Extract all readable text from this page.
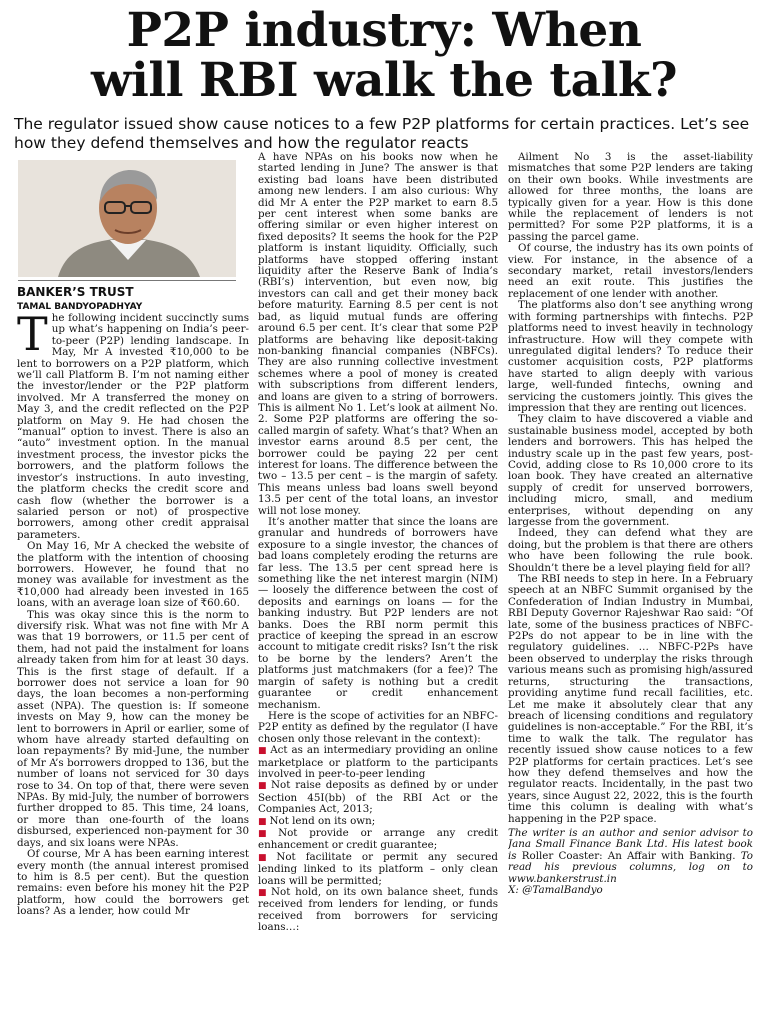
P2P industry: When
will RBI walk the talk?
The regulator issued show cause notices to a few P2P platforms for certain practices. Let’s see how they defend themselves and how the regulator reacts
BANKER’S TRUST
TAMAL BANDYOPADHYAY
T he following incident succinctly sums up what’s happening on India’s peer-to-peer (P2P) lending landscape. In May, Mr A invested ₹10,000 to be lent to borrowers on a P2P platform, which we’ll call Platform B. I’m not naming either the investor/lender or the P2P platform involved. Mr A transferred the money on May 3, and the credit reflected on the P2P platform on May 9. He had chosen the “manual” option to invest. There is also an “auto” investment option. In the manual investment process, the investor picks the borrowers, and the platform follows the investor’s instructions. In auto investing, the platform checks the credit score and cash flow (whether the borrower is a salaried person or not) of prospective borrowers, among other credit appraisal parameters.

On May 16, Mr A checked the website of the platform with the intention of choosing borrowers. However, he found that no money was available for investment as the ₹10,000 had already been invested in 165 loans, with an average loan size of ₹60.60.

This was okay since this is the norm to diversify risk. What was not fine with Mr A was that 19 borrowers, or 11.5 per cent of them, had not paid the instalment for loans already taken from him for at least 30 days. This is the first stage of default. If a borrower does not service a loan for 90 days, the loan becomes a non-performing asset (NPA). The question is: If someone invests on May 9, how can the money be lent to borrowers in April or earlier, some of whom have already started defaulting on loan repayments? By mid-June, the number of Mr A’s borrowers dropped to 136, but the number of loans not serviced for 30 days rose to 34. On top of that, there were seven NPAs. By mid-July, the number of borrowers further dropped to 85. This time, 24 loans, or more than one-fourth of the loans disbursed, experienced non-payment for 30 days, and six loans were NPAs.

Of course, Mr A has been earning interest every month (the annual interest promised to him is 8.5 per cent). But the question remains: even before his money hit the P2P platform, how could the borrowers get loans? As a lender, how could Mr

A have NPAs on his books now when he started lending in June? The answer is that existing bad loans have been distributed among new lenders. I am also curious: Why did Mr A enter the P2P market to earn 8.5 per cent interest when some banks are offering similar or even higher interest on fixed deposits? It seems the hook for the P2P platform is instant liquidity. Officially, such platforms have stopped offering instant liquidity after the Reserve Bank of India’s (RBI’s) intervention, but even now, big investors can call and get their money back before maturity. Earning 8.5 per cent is not bad, as liquid mutual funds are offering around 6.5 per cent. It’s clear that some P2P platforms are behaving like deposit-taking non-banking financial companies (NBFCs). They are also running collective investment schemes where a pool of money is created with subscriptions from different lenders, and loans are given to a string of borrowers. This is ailment No 1. Let’s look at ailment No. 2. Some P2P platforms are offering the so-called margin of safety. What’s that? When an investor earns around 8.5 per cent, the borrower could be paying 22 per cent interest for loans. The difference between the two – 13.5 per cent – is the margin of safety. This means unless bad loans swell beyond 13.5 per cent of the total loans, an investor will not lose money.

It’s another matter that since the loans are granular and hundreds of borrowers have exposure to a single investor, the chances of bad loans completely eroding the returns are far less. The 13.5 per cent spread here is something like the net interest margin (NIM) — loosely the difference between the cost of deposits and earnings on loans — for the banking industry. But P2P lenders are not banks. Does the RBI norm permit this practice of keeping the spread in an escrow account to mitigate credit risks? Isn’t the risk to be borne by the lenders? Aren’t the platforms just matchmakers (for a fee)? The margin of safety is nothing but a credit guarantee or credit enhancement mechanism.

Here is the scope of activities for an NBFC-P2P entity as defined by the regulator (I have chosen only those relevant in the context):

■ Act as an intermediary providing an online marketplace or platform to the participants involved in peer-to-peer lending

■ Not raise deposits as defined by or under Section 45I(bb) of the RBI Act or the Companies Act, 2013;

■ Not lend on its own;

■ Not provide or arrange any credit enhancement or credit guarantee;

■ Not facilitate or permit any secured lending linked to its platform – only clean loans will be permitted;

■ Not hold, on its own balance sheet, funds received from lenders for lending, or funds received from borrowers for servicing loans…:

Ailment No 3 is the asset-liability mismatches that some P2P lenders are taking on their own books. While investments are allowed for three months, the loans are typically given for a year. How is this done while the replacement of lenders is not permitted? For some P2P platforms, it is a passing the parcel game.

Of course, the industry has its own points of view. For instance, in the absence of a secondary market, retail investors/lenders need an exit route. This justifies the replacement of one lender with another.

The platforms also don’t see anything wrong with forming partnerships with fintechs. P2P platforms need to invest heavily in technology infrastructure. How will they compete with unregulated digital lenders? To reduce their customer acquisition costs, P2P platforms have started to align deeply with various large, well-funded fintechs, owning and servicing the customers jointly. This gives the impression that they are renting out licences.

They claim to have discovered a viable and sustainable business model, accepted by both lenders and borrowers. This has helped the industry scale up in the past few years, post-Covid, adding close to Rs 10,000 crore to its loan book. They have created an alternative supply of credit for unserved borrowers, including micro, small, and medium enterprises, without depending on any largesse from the government.

Indeed, they can defend what they are doing, but the problem is that there are others who have been following the rule book. Shouldn’t there be a level playing field for all?

The RBI needs to step in here. In a February speech at an NBFC Summit organised by the Confederation of Indian Industry in Mumbai, RBI Deputy Governor Rajeshwar Rao said: “Of late, some of the business practices of NBFC-P2Ps do not appear to be in line with the regulatory guidelines. … NBFC-P2Ps have been observed to underplay the risks through various means such as promising high/assured returns, structuring the transactions, providing anytime fund recall facilities, etc. Let me make it absolutely clear that any breach of licensing conditions and regulatory guidelines is non-acceptable.” For the RBI, it’s time to walk the talk. The regulator has recently issued show cause notices to a few P2P platforms for certain practices. Let’s see how they defend themselves and how the regulator reacts. Incidentally, in the past two years, since August 22, 2022, this is the fourth time this column is dealing with what’s happening in the P2P space.

The writer is an author and senior advisor to Jana Small Finance Bank Ltd. His latest book is Roller Coaster: An Affair with Banking. To read his previous columns, log on to www.bankerstrust.in
X: @TamalBandyo
